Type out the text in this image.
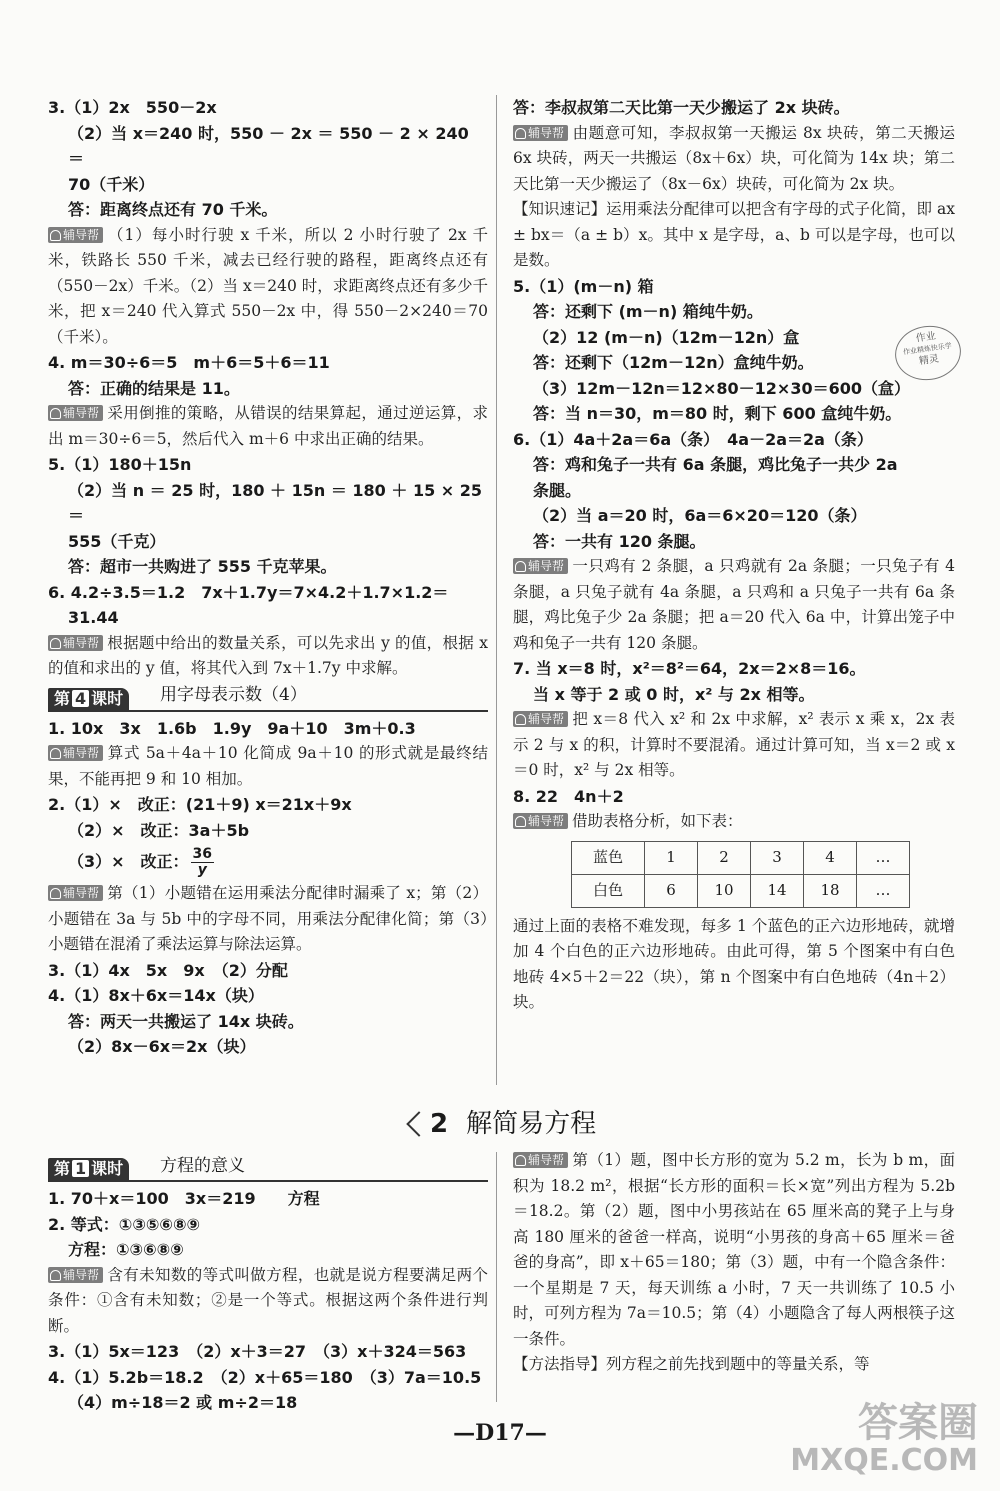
3.（1）2x　550－2x
（2）当 x＝240 时，550 － 2x ＝ 550 － 2 × 240 ＝
70（千米）
答：距离终点还有 70 千米。
辅导帮 （1）每小时行驶 x 千米，所以 2 小时行驶了 2x 千米，铁路长 550 千米，减去已经行驶的路程，距离终点还有（550－2x）千米。（2）当 x＝240 时，求距离终点还有多少千米，把 x＝240 代入算式 550－2x 中，得 550－2×240＝70（千米）。
4. m＝30÷6＝5　m＋6＝5＋6＝11
答：正确的结果是 11。
辅导帮 采用倒推的策略，从错误的结果算起，通过逆运算，求出 m＝30÷6＝5，然后代入 m＋6 中求出正确的结果。
5.（1）180＋15n
（2）当 n ＝ 25 时，180 ＋ 15n ＝ 180 ＋ 15 × 25 ＝
555（千克）
答：超市一共购进了 555 千克苹果。
6. 4.2÷3.5＝1.2　7x＋1.7y＝7×4.2＋1.7×1.2＝
31.44
辅导帮 根据题中给出的数量关系，可以先求出 y 的值，根据 x 的值和求出的 y 值，将其代入到 7x＋1.7y 中求解。
第 4 课时	用字母表示数（4）
1. 10x　3x　1.6b　1.9y　9a＋10　3m＋0.3
辅导帮 算式 5a＋4a＋10 化简成 9a＋10 的形式就是最终结果，不能再把 9 和 10 相加。
2.（1）×　改正：(21＋9) x＝21x＋9x
（2）×　改正：3a＋5b
（3）×　改正： $\frac{36}{y}$
辅导帮 第（1）小题错在运用乘法分配律时漏乘了 x；第（2）小题错在 3a 与 5b 中的字母不同，用乘法分配律化简；第（3）小题错在混淆了乘法运算与除法运算。
3.（1）4x　5x　9x　（2）分配
4.（1）8x＋6x＝14x（块）
答：两天一共搬运了 14x 块砖。
（2）8x－6x＝2x（块）
答：李叔叔第二天比第一天少搬运了 2x 块砖。
辅导帮 由题意可知，李叔叔第一天搬运 8x 块砖，第二天搬运 6x 块砖，两天一共搬运（8x＋6x）块，可化简为 14x 块；第二天比第一天少搬运了（8x－6x）块砖，可化简为 2x 块。
【知识速记】运用乘法分配律可以把含有字母的式子化简，即 ax ± bx＝（a ± b）x。其中 x 是字母，a、b 可以是字母，也可以是数。
5.（1）(m－n) 箱
答：还剩下 (m－n) 箱纯牛奶。
（2）12 (m－n)（12m－12n）盒
答：还剩下（12m－12n）盒纯牛奶。
（3）12m－12n＝12×80－12×30＝600（盒）
答：当 n＝30，m＝80 时，剩下 600 盒纯牛奶。
6.（1）4a＋2a＝6a（条）　4a－2a＝2a（条）
答：鸡和兔子一共有 6a 条腿，鸡比兔子一共少 2a
条腿。
（2）当 a＝20 时，6a＝6×20＝120（条）
答：一共有 120 条腿。
辅导帮 一只鸡有 2 条腿，a 只鸡就有 2a 条腿；一只兔子有 4 条腿，a 只兔子就有 4a 条腿，a 只鸡和 a 只兔子一共有 6a 条腿，鸡比兔子少 2a 条腿；把 a＝20 代入 6a 中，计算出笼子中鸡和兔子一共有 120 条腿。
7. 当 x＝8 时，x²＝8²＝64，2x＝2×8＝16。
当 x 等于 2 或 0 时，x² 与 2x 相等。
辅导帮 把 x＝8 代入 x² 和 2x 中求解，x² 表示 x 乘 x，2x 表示 2 与 x 的积，计算时不要混淆。通过计算可知，当 x＝2 或 x＝0 时，x² 与 2x 相等。
8. 22　4n＋2
辅导帮 借助表格分析，如下表：
蓝色	1	2	3	4	…
白色	6	10	14	18	…
通过上面的表格不难发现，每多 1 个蓝色的正六边形地砖，就增加 4 个白色的正六边形地砖。由此可得，第 5 个图案中有白色地砖 4×5＋2＝22（块），第 n 个图案中有白色地砖（4n＋2）块。
作业
作业精炼快乐学
精灵
2 解简易方程
第 1 课时	方程的意义
1. 70＋x＝100　3x＝219　　方程
2. 等式：①③⑤⑥⑧⑨
方程：①③⑥⑧⑨
辅导帮 含有未知数的等式叫做方程，也就是说方程要满足两个条件：①含有未知数；②是一个等式。根据这两个条件进行判断。
3.（1）5x＝123　（2）x＋3＝27　（3）x＋324＝563
4.（1）5.2b＝18.2　（2）x＋65＝180　（3）7a＝10.5
（4）m÷18＝2 或 m÷2＝18
辅导帮 第（1）题，图中长方形的宽为 5.2 m，长为 b m，面积为 18.2 m²，根据“长方形的面积＝长×宽”列出方程为 5.2b＝18.2。第（2）题，图中小男孩站在 65 厘米高的凳子上与身高 180 厘米的爸爸一样高，说明“小男孩的身高＋65 厘米＝爸爸的身高”，即 x＋65＝180；第（3）题，中有一个隐含条件：一个星期是 7 天，每天训练 a 小时，7 天一共训练了 10.5 小时，可列方程为 7a＝10.5；第（4）小题隐含了每人两根筷子这一条件。
【方法指导】列方程之前先找到题中的等量关系，等
—D17—	答案圈
MXQE.COM
